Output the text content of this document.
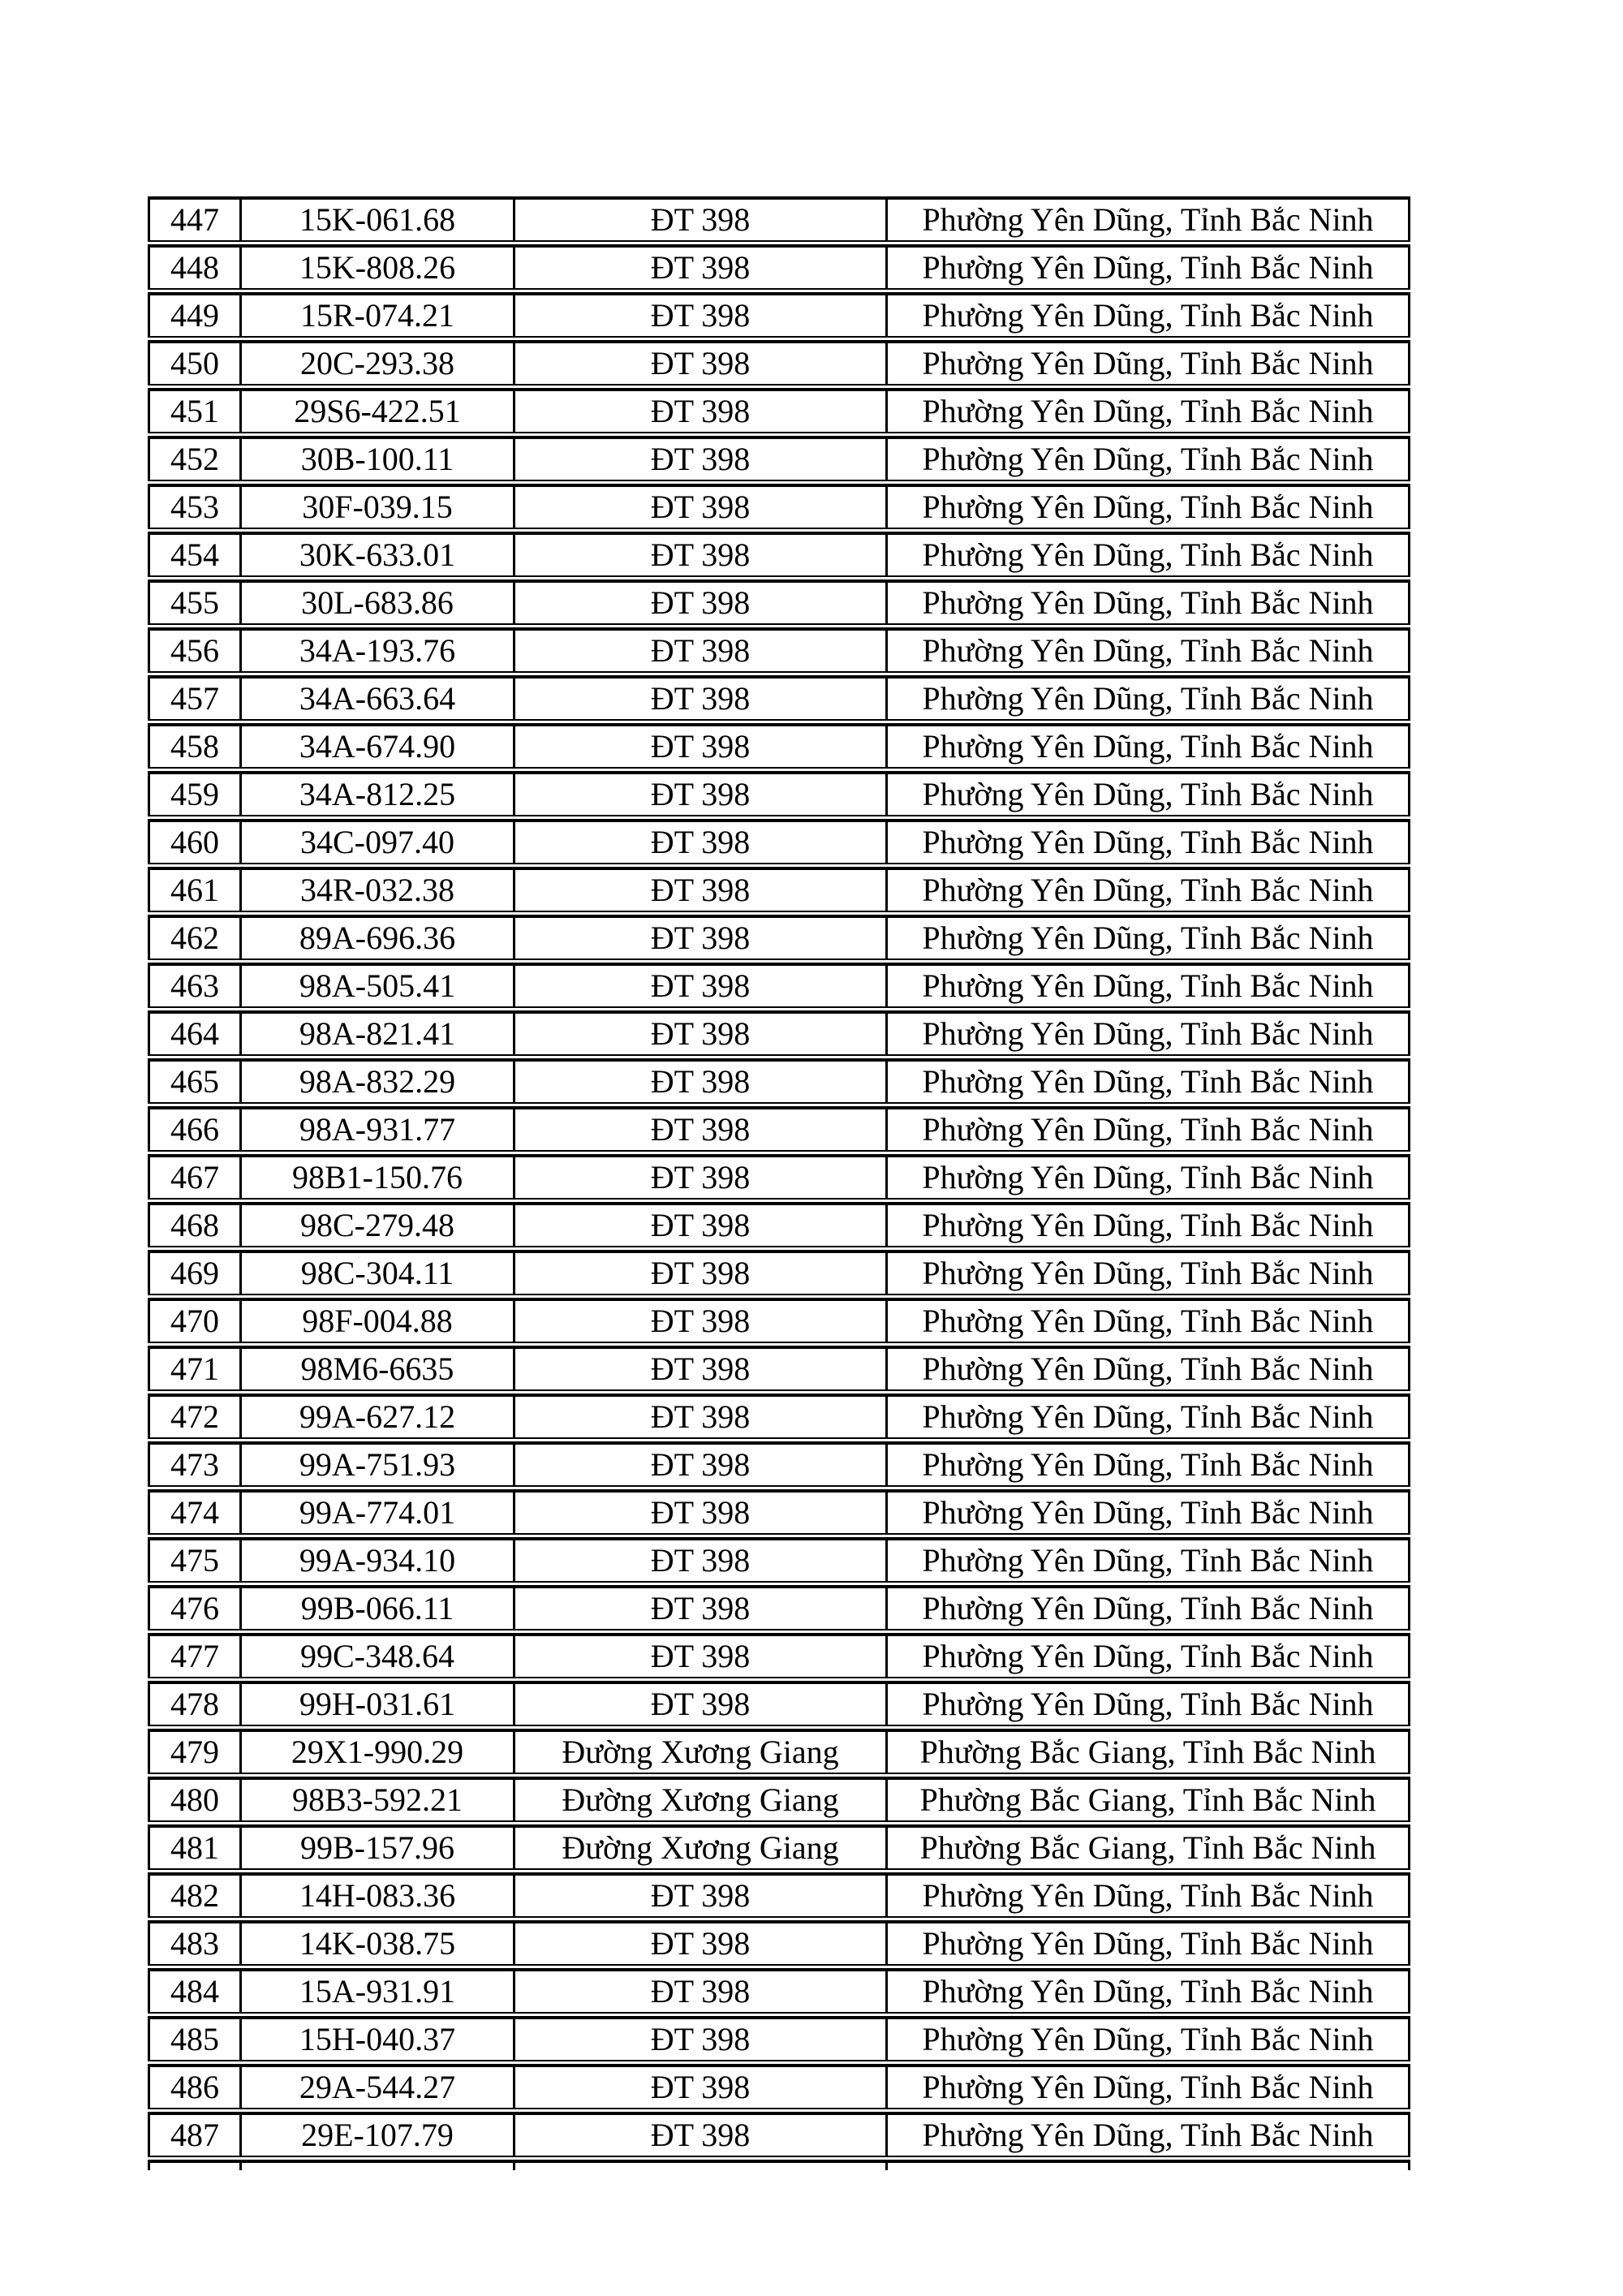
447	15K-061.68	ĐT 398	Phường Yên Dũng, Tỉnh Bắc Ninh
448	15K-808.26	ĐT 398	Phường Yên Dũng, Tỉnh Bắc Ninh
449	15R-074.21	ĐT 398	Phường Yên Dũng, Tỉnh Bắc Ninh
450	20C-293.38	ĐT 398	Phường Yên Dũng, Tỉnh Bắc Ninh
451	29S6-422.51	ĐT 398	Phường Yên Dũng, Tỉnh Bắc Ninh
452	30B-100.11	ĐT 398	Phường Yên Dũng, Tỉnh Bắc Ninh
453	30F-039.15	ĐT 398	Phường Yên Dũng, Tỉnh Bắc Ninh
454	30K-633.01	ĐT 398	Phường Yên Dũng, Tỉnh Bắc Ninh
455	30L-683.86	ĐT 398	Phường Yên Dũng, Tỉnh Bắc Ninh
456	34A-193.76	ĐT 398	Phường Yên Dũng, Tỉnh Bắc Ninh
457	34A-663.64	ĐT 398	Phường Yên Dũng, Tỉnh Bắc Ninh
458	34A-674.90	ĐT 398	Phường Yên Dũng, Tỉnh Bắc Ninh
459	34A-812.25	ĐT 398	Phường Yên Dũng, Tỉnh Bắc Ninh
460	34C-097.40	ĐT 398	Phường Yên Dũng, Tỉnh Bắc Ninh
461	34R-032.38	ĐT 398	Phường Yên Dũng, Tỉnh Bắc Ninh
462	89A-696.36	ĐT 398	Phường Yên Dũng, Tỉnh Bắc Ninh
463	98A-505.41	ĐT 398	Phường Yên Dũng, Tỉnh Bắc Ninh
464	98A-821.41	ĐT 398	Phường Yên Dũng, Tỉnh Bắc Ninh
465	98A-832.29	ĐT 398	Phường Yên Dũng, Tỉnh Bắc Ninh
466	98A-931.77	ĐT 398	Phường Yên Dũng, Tỉnh Bắc Ninh
467	98B1-150.76	ĐT 398	Phường Yên Dũng, Tỉnh Bắc Ninh
468	98C-279.48	ĐT 398	Phường Yên Dũng, Tỉnh Bắc Ninh
469	98C-304.11	ĐT 398	Phường Yên Dũng, Tỉnh Bắc Ninh
470	98F-004.88	ĐT 398	Phường Yên Dũng, Tỉnh Bắc Ninh
471	98M6-6635	ĐT 398	Phường Yên Dũng, Tỉnh Bắc Ninh
472	99A-627.12	ĐT 398	Phường Yên Dũng, Tỉnh Bắc Ninh
473	99A-751.93	ĐT 398	Phường Yên Dũng, Tỉnh Bắc Ninh
474	99A-774.01	ĐT 398	Phường Yên Dũng, Tỉnh Bắc Ninh
475	99A-934.10	ĐT 398	Phường Yên Dũng, Tỉnh Bắc Ninh
476	99B-066.11	ĐT 398	Phường Yên Dũng, Tỉnh Bắc Ninh
477	99C-348.64	ĐT 398	Phường Yên Dũng, Tỉnh Bắc Ninh
478	99H-031.61	ĐT 398	Phường Yên Dũng, Tỉnh Bắc Ninh
479	29X1-990.29	Đường Xương Giang	Phường Bắc Giang, Tỉnh Bắc Ninh
480	98B3-592.21	Đường Xương Giang	Phường Bắc Giang, Tỉnh Bắc Ninh
481	99B-157.96	Đường Xương Giang	Phường Bắc Giang, Tỉnh Bắc Ninh
482	14H-083.36	ĐT 398	Phường Yên Dũng, Tỉnh Bắc Ninh
483	14K-038.75	ĐT 398	Phường Yên Dũng, Tỉnh Bắc Ninh
484	15A-931.91	ĐT 398	Phường Yên Dũng, Tỉnh Bắc Ninh
485	15H-040.37	ĐT 398	Phường Yên Dũng, Tỉnh Bắc Ninh
486	29A-544.27	ĐT 398	Phường Yên Dũng, Tỉnh Bắc Ninh
487	29E-107.79	ĐT 398	Phường Yên Dũng, Tỉnh Bắc Ninh
